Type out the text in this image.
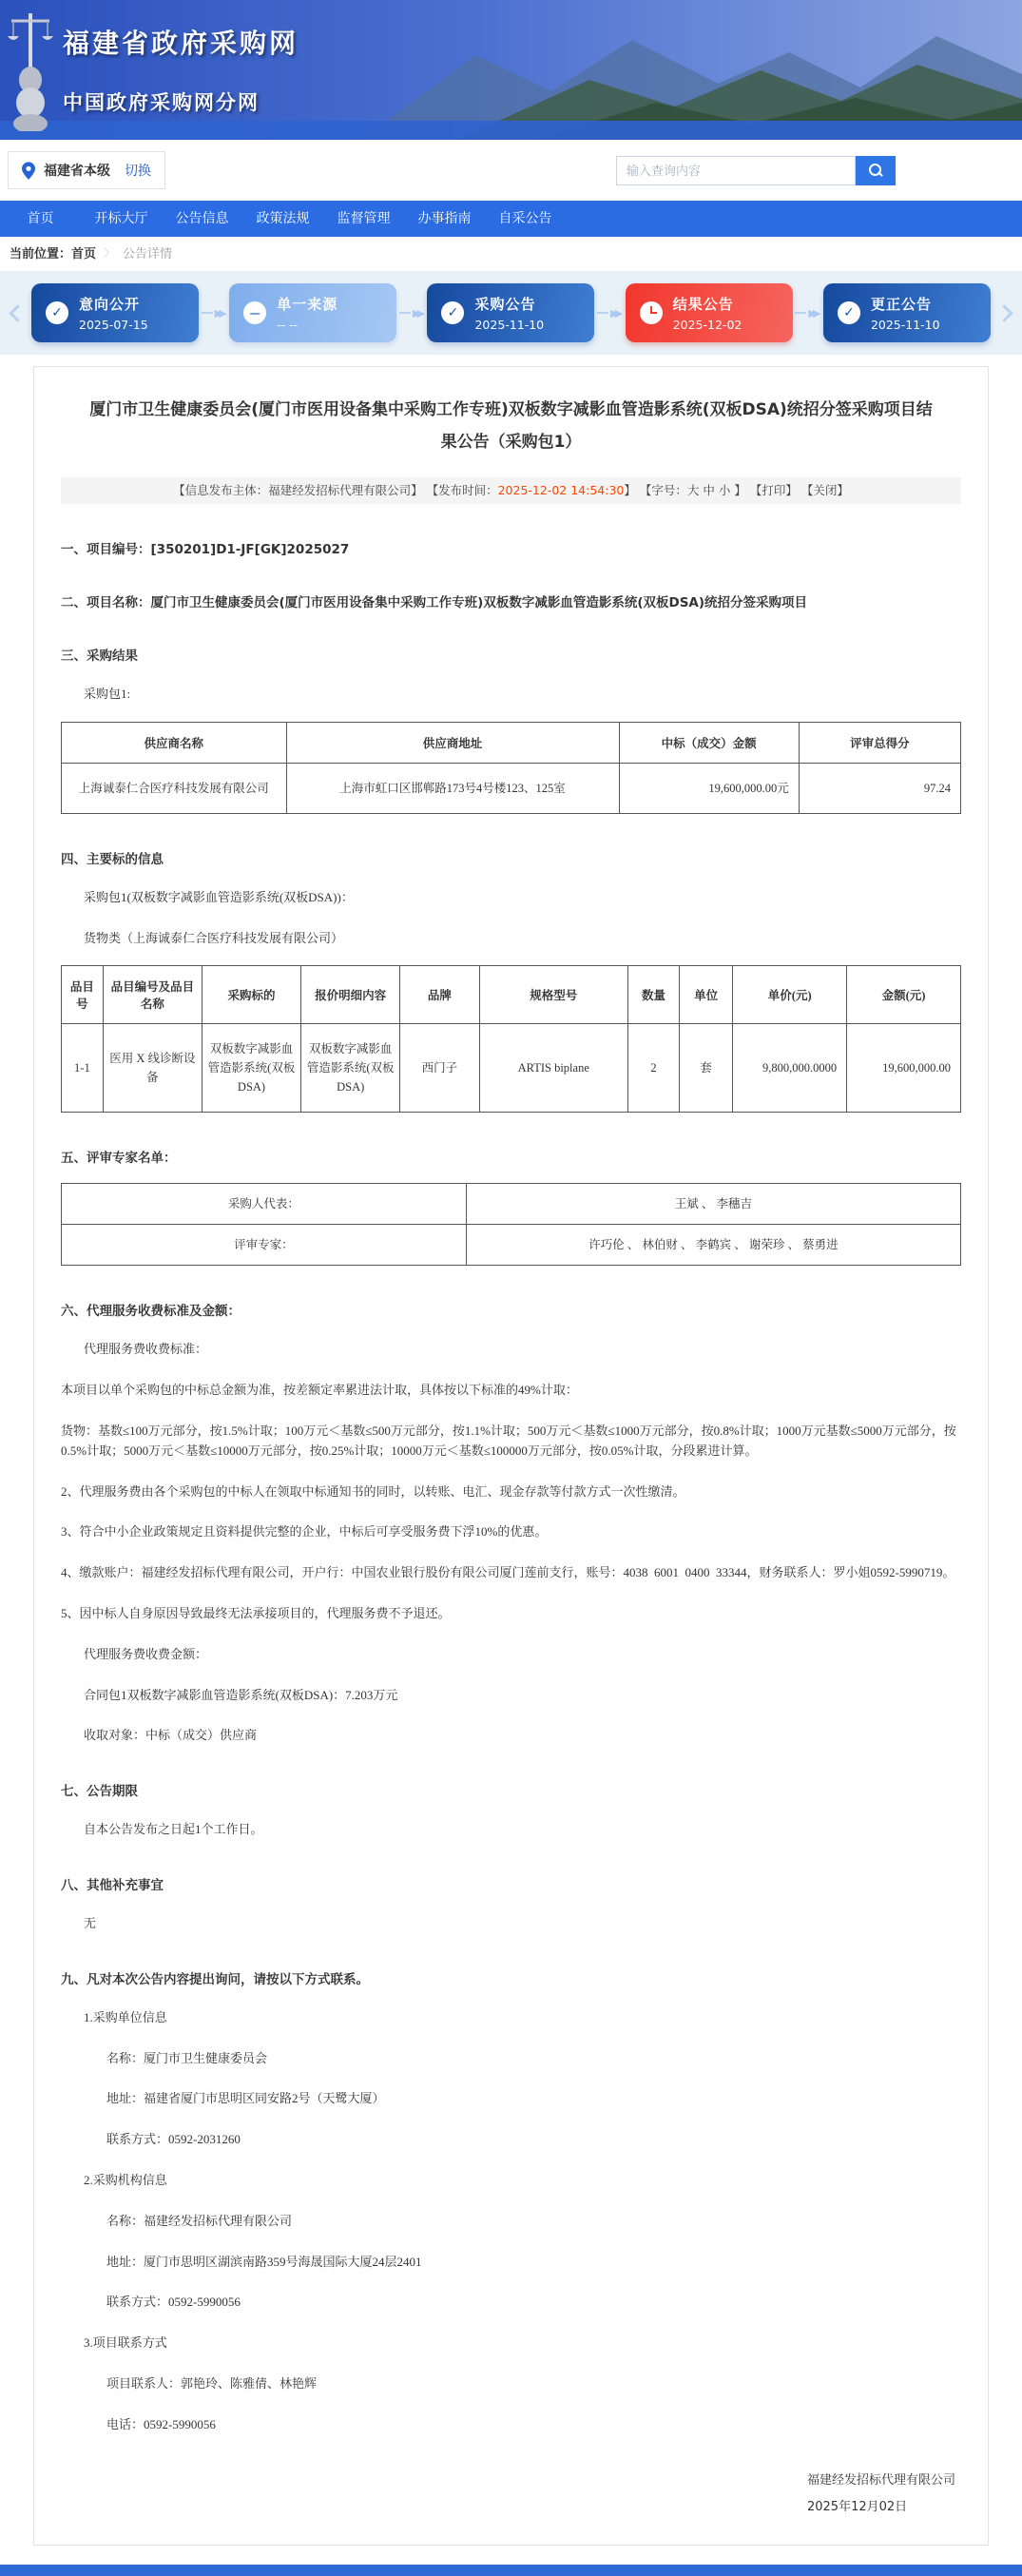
福建省政府采购网
中国政府采购网分网
福建省本级 切换
输入查询内容
首页	开标大厅	公告信息	政策法规	监督管理	办事指南	自采公告
当前位置： 首页 〉 公告详情
✓	意向公开
2025-07-15
▶▶	−	单一来源
-- --
▶▶	✓	采购公告
2025-11-10
▶▶	结果公告
2025-12-02
▶▶	✓	更正公告
2025-11-10
厦门市卫生健康委员会(厦门市医用设备集中采购工作专班)双板数字减影血管造影系统(双板DSA)统招分签采购项目结果公告（采购包1）
【信息发布主体：福建经发招标代理有限公司】 【发布时间：2025-12-02 14:54:30】 【字号：大 中 小 】 【打印】 【关闭】
一、项目编号：[350201]D1-JF[GK]2025027
二、项目名称：厦门市卫生健康委员会(厦门市医用设备集中采购工作专班)双板数字减影血管造影系统(双板DSA)统招分签采购项目
三、采购结果
采购包1:
供应商名称	供应商地址	中标（成交）金额	评审总得分
上海诚泰仁合医疗科技发展有限公司	上海市虹口区邯郸路173号4号楼123、125室	19,600,000.00元	97.24
四、主要标的信息
采购包1(双板数字减影血管造影系统(双板DSA))：
货物类（上海诚泰仁合医疗科技发展有限公司）
品目号	品目编号及品目名称	采购标的	报价明细内容	品牌	规格型号	数量	单位	单价(元)	金额(元)
1-1	医用 X 线诊断设备	双板数字减影血管造影系统(双板DSA)	双板数字减影血管造影系统(双板DSA)	西门子	ARTIS biplane	2	套	9,800,000.0000	19,600,000.00
五、评审专家名单：
采购人代表：	王斌 、 李穗吉
评审专家：	许巧伦 、 林伯财 、 李鹤宾 、 谢荣珍 、 蔡勇进
六、代理服务收费标准及金额：
代理服务费收费标准：
本项目以单个采购包的中标总金额为准，按差额定率累进法计取，具体按以下标准的49%计取：
货物：基数≤100万元部分，按1.5%计取；100万元＜基数≤500万元部分，按1.1%计取；500万元＜基数≤1000万元部分，按0.8%计取；1000万元基数≤5000万元部分，按0.5%计取；5000万元＜基数≤10000万元部分，按0.25%计取；10000万元＜基数≤100000万元部分，按0.05%计取，分段累进计算。
2、代理服务费由各个采购包的中标人在领取中标通知书的同时，以转账、电汇、现金存款等付款方式一次性缴清。
3、符合中小企业政策规定且资料提供完整的企业，中标后可享受服务费下浮10%的优惠。
4、缴款账户：福建经发招标代理有限公司，开户行：中国农业银行股份有限公司厦门莲前支行，账号：4038  6001  0400  33344，财务联系人：罗小姐0592-5990719。
5、因中标人自身原因导致最终无法承接项目的，代理服务费不予退还。
代理服务费收费金额：
合同包1双板数字减影血管造影系统(双板DSA)：7.203万元
收取对象：中标（成交）供应商
七、公告期限
自本公告发布之日起1个工作日。
八、其他补充事宜
无
九、凡对本次公告内容提出询问，请按以下方式联系。
1.采购单位信息
名称：厦门市卫生健康委员会
地址：福建省厦门市思明区同安路2号（天鹭大厦）
联系方式：0592-2031260
2.采购机构信息
名称：福建经发招标代理有限公司
地址：厦门市思明区湖滨南路359号海晟国际大厦24层2401
联系方式：0592-5990056
3.项目联系方式
项目联系人：郭艳玲、陈雅倩、林艳辉
电话：0592-5990056
福建经发招标代理有限公司
2025年12月02日
